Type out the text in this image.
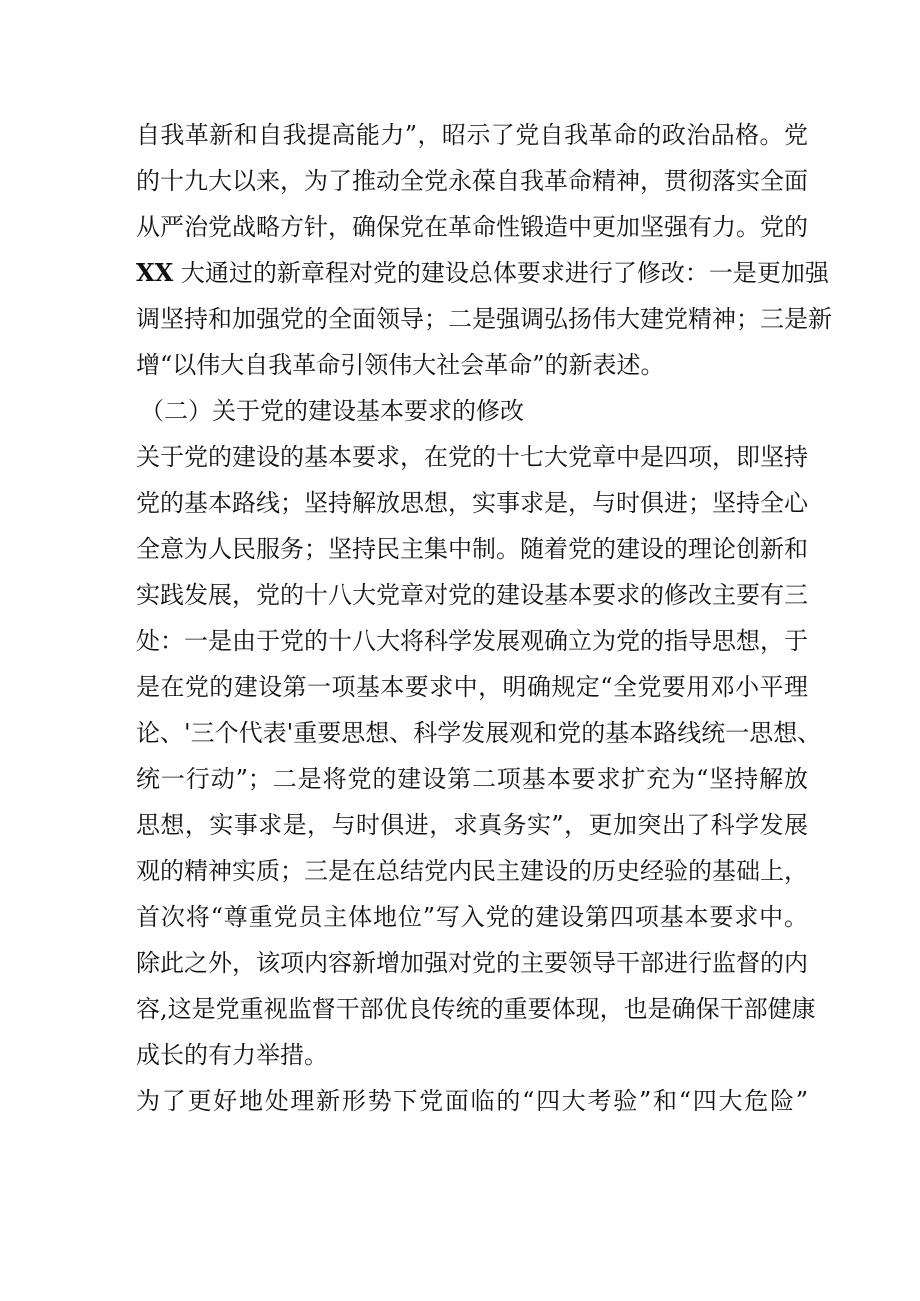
自我革新和自我提高能力”，昭示了党自我革命的政治品格。党
的十九大以来，为了推动全党永葆自我革命精神，贯彻落实全面
从严治党战略方针，确保党在革命性锻造中更加坚强有力。党的
XX 大通过的新章程对党的建设总体要求进行了修改：一是更加强
调坚持和加强党的全面领导；二是强调弘扬伟大建党精神；三是新
增“以伟大自我革命引领伟大社会革命”的新表述。
（二）关于党的建设基本要求的修改
关于党的建设的基本要求，在党的十七大党章中是四项，即坚持
党的基本路线；坚持解放思想，实事求是，与时俱进；坚持全心
全意为人民服务；坚持民主集中制。随着党的建设的理论创新和
实践发展，党的十八大党章对党的建设基本要求的修改主要有三
处：一是由于党的十八大将科学发展观确立为党的指导思想，于
是在党的建设第一项基本要求中，明确规定“全党要用邓小平理
论、'三个代表'重要思想、科学发展观和党的基本路线统一思想、
统一行动”；二是将党的建设第二项基本要求扩充为“坚持解放
思想，实事求是，与时俱进，求真务实”，更加突出了科学发展
观的精神实质；三是在总结党内民主建设的历史经验的基础上，
首次将“尊重党员主体地位”写入党的建设第四项基本要求中。
除此之外，该项内容新增加强对党的主要领导干部进行监督的内
容,这是党重视监督干部优良传统的重要体现，也是确保干部健康
成长的有力举措。
为了更好地处理新形势下党面临的“四大考验”和“四大危险”
